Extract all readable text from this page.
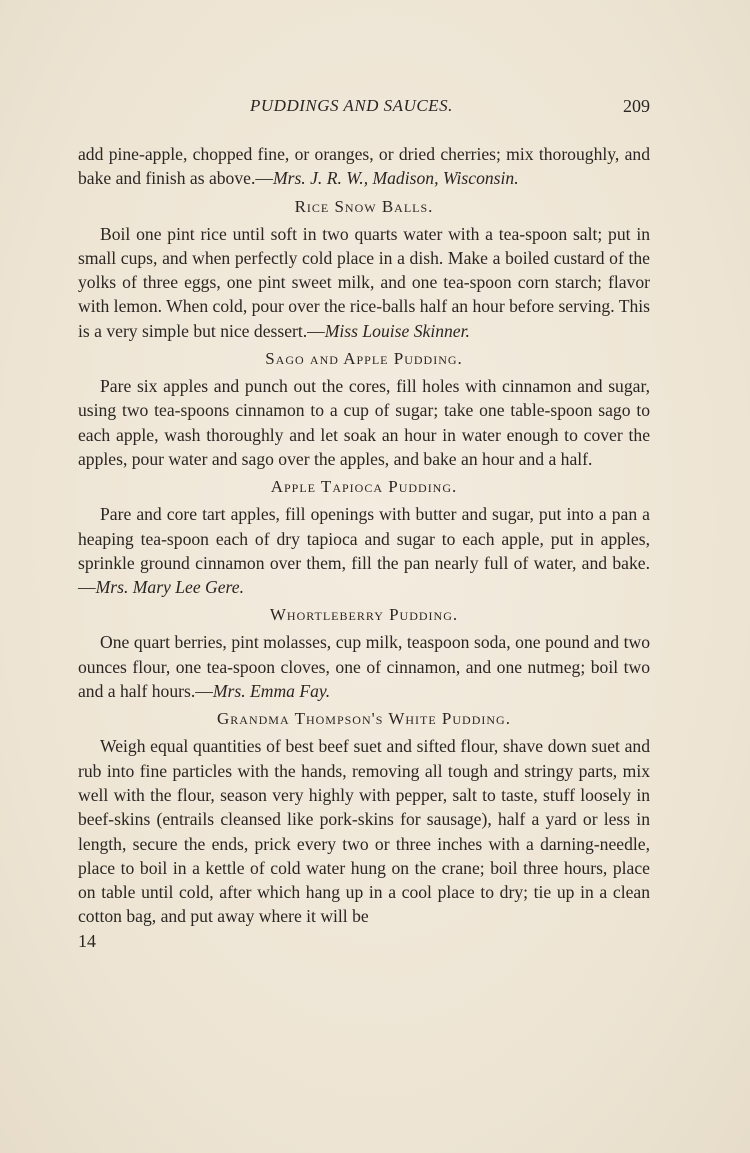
PUDDINGS AND SAUCES.	209

add pine-apple, chopped fine, or oranges, or dried cherries; mix thoroughly, and bake and finish as above.—Mrs. J. R. W., Madison, Wisconsin.

Rice Snow Balls.

Boil one pint rice until soft in two quarts water with a tea-spoon salt; put in small cups, and when perfectly cold place in a dish. Make a boiled custard of the yolks of three eggs, one pint sweet milk, and one tea-spoon corn starch; flavor with lemon. When cold, pour over the rice-balls half an hour before serving. This is a very simple but nice dessert.—Miss Louise Skinner.

Sago and Apple Pudding.

Pare six apples and punch out the cores, fill holes with cinnamon and sugar, using two tea-spoons cinnamon to a cup of sugar; take one table-spoon sago to each apple, wash thoroughly and let soak an hour in water enough to cover the apples, pour water and sago over the apples, and bake an hour and a half.

Apple Tapioca Pudding.

Pare and core tart apples, fill openings with butter and sugar, put into a pan a heaping tea-spoon each of dry tapioca and sugar to each apple, put in apples, sprinkle ground cinnamon over them, fill the pan nearly full of water, and bake.—Mrs. Mary Lee Gere.

Whortleberry Pudding.

One quart berries, pint molasses, cup milk, teaspoon soda, one pound and two ounces flour, one tea-spoon cloves, one of cinnamon, and one nutmeg; boil two and a half hours.—Mrs. Emma Fay.

Grandma Thompson's White Pudding.

Weigh equal quantities of best beef suet and sifted flour, shave down suet and rub into fine particles with the hands, removing all tough and stringy parts, mix well with the flour, season very highly with pepper, salt to taste, stuff loosely in beef-skins (entrails cleansed like pork-skins for sausage), half a yard or less in length, secure the ends, prick every two or three inches with a darning-needle, place to boil in a kettle of cold water hung on the crane; boil three hours, place on table until cold, after which hang up in a cool place to dry; tie up in a clean cotton bag, and put away where it will be

14
